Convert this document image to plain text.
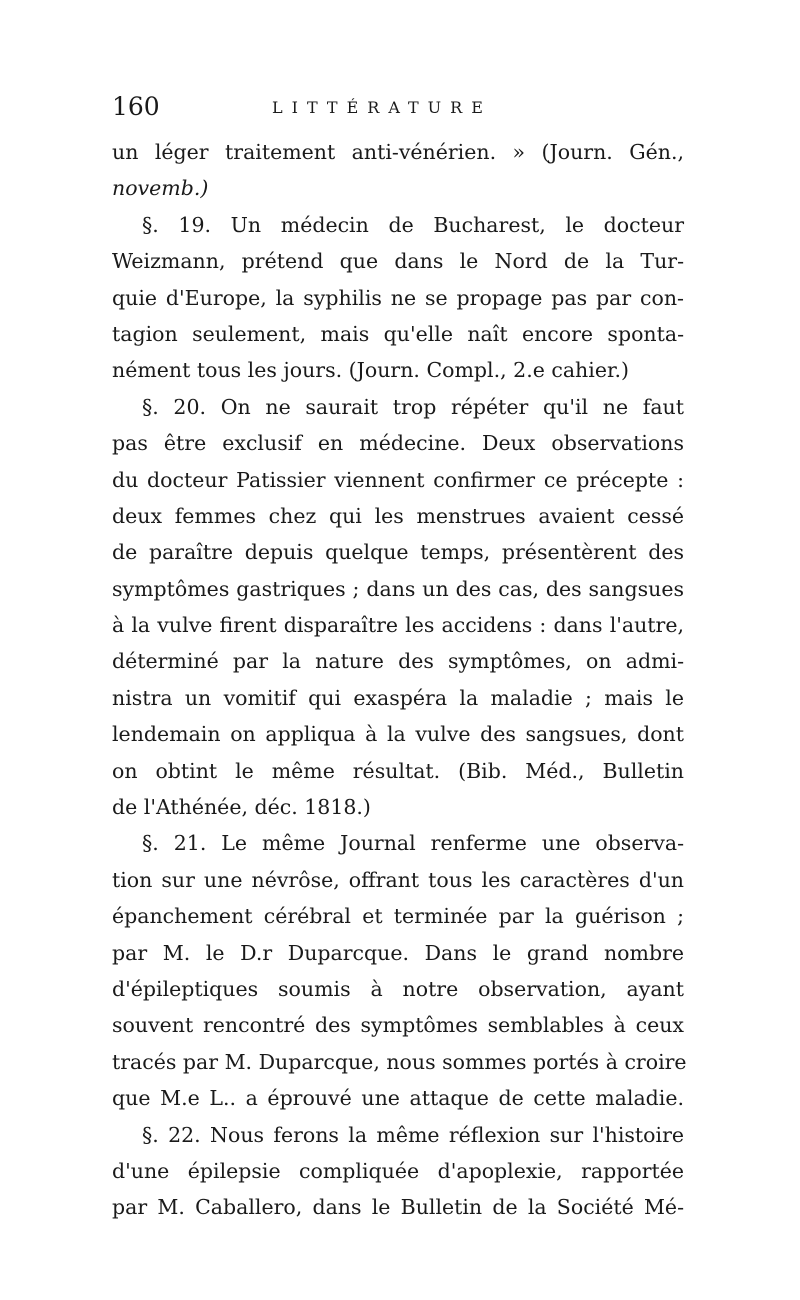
160	LITTÉRATURE
un léger traitement anti-vénérien. » (Journ. Gén.,
novemb.)
§. 19. Un médecin de Bucharest, le docteur
Weizmann, prétend que dans le Nord de la Tur-
quie d'Europe, la syphilis ne se propage pas par con-
tagion seulement, mais qu'elle naît encore sponta-
nément tous les jours. (Journ. Compl., 2.e cahier.)
§. 20. On ne saurait trop répéter qu'il ne faut
pas être exclusif en médecine. Deux observations
du docteur Patissier viennent confirmer ce précepte :
deux femmes chez qui les menstrues avaient cessé
de paraître depuis quelque temps, présentèrent des
symptômes gastriques ; dans un des cas, des sangsues
à la vulve firent disparaître les accidens : dans l'autre,
déterminé par la nature des symptômes, on admi-
nistra un vomitif qui exaspéra la maladie ; mais le
lendemain on appliqua à la vulve des sangsues, dont
on obtint le même résultat. (Bib. Méd., Bulletin
de l'Athénée, déc. 1818.)
§. 21. Le même Journal renferme une observa-
tion sur une névrôse, offrant tous les caractères d'un
épanchement cérébral et terminée par la guérison ;
par M. le D.r Duparcque. Dans le grand nombre
d'épileptiques soumis à notre observation, ayant
souvent rencontré des symptômes semblables à ceux
tracés par M. Duparcque, nous sommes portés à croire
que M.e L.. a éprouvé une attaque de cette maladie.
§. 22. Nous ferons la même réflexion sur l'histoire
d'une épilepsie compliquée d'apoplexie, rapportée
par M. Caballero, dans le Bulletin de la Société Mé-
